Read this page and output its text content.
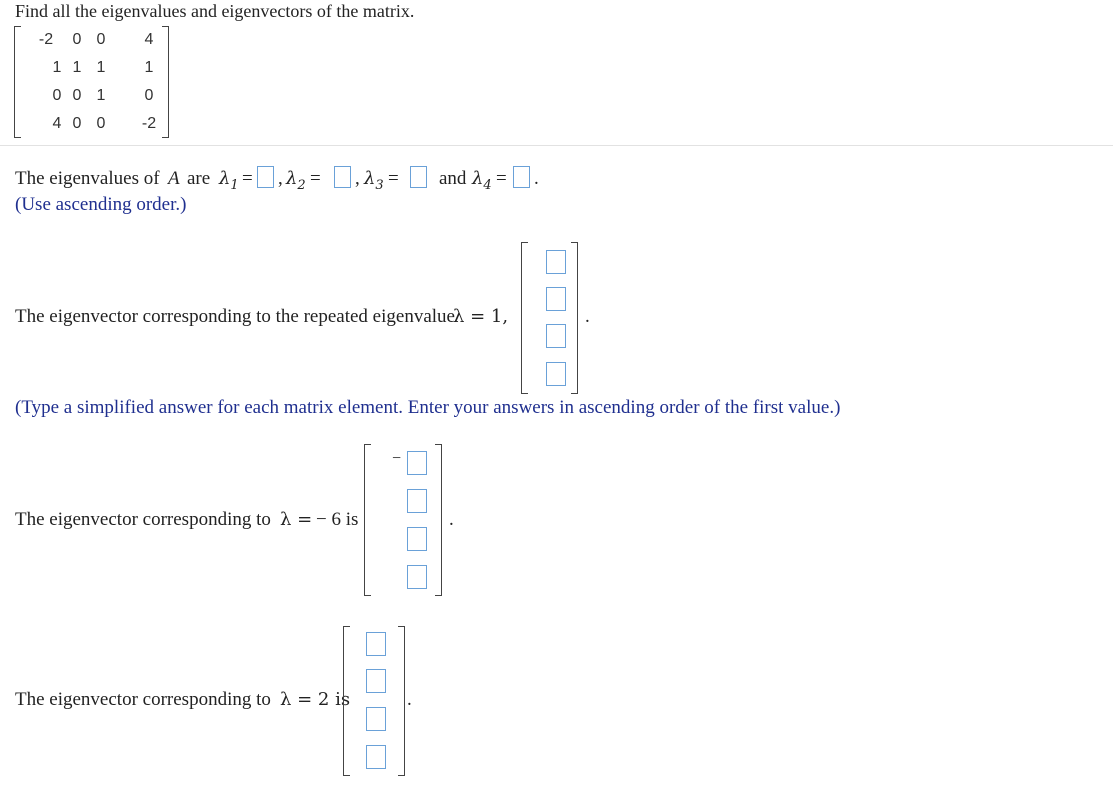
Find all the eigenvalues and eigenvectors of the matrix.
-2	0 0	4
1 1 1	1
0 0 1	0
4 0 0	-2
The eigenvalues of A are $\lambda_1$ = , $\lambda_2$ = , $\lambda_3$ = and $\lambda_4$ = .
(Use ascending order.)
The eigenvector corresponding to the repeated eigenvalue
λ = 1,	.
(Type a simplified answer for each matrix element. Enter your answers in ascending order of the first value.)
The eigenvector corresponding to λ = − 6 is
−
.
The eigenvector corresponding to λ = 2 is	.
